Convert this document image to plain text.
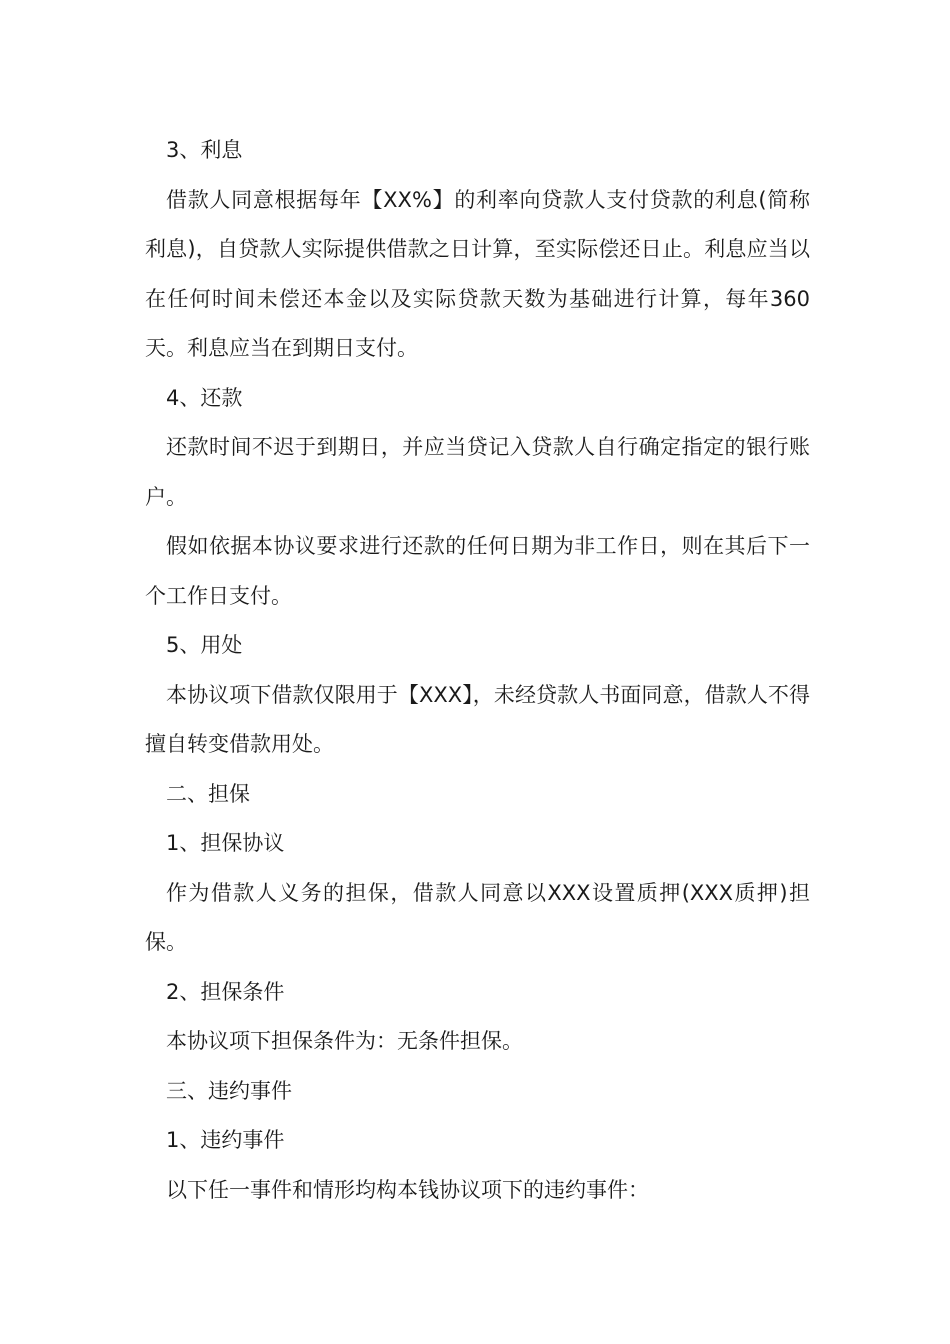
3、利息

借款人同意根据每年【XX%】的利率向贷款人支付贷款的利息(简称利息)，自贷款人实际提供借款之日计算，至实际偿还日止。利息应当以在任何时间未偿还本金以及实际贷款天数为基础进行计算，每年360天。利息应当在到期日支付。

4、还款

还款时间不迟于到期日，并应当贷记入贷款人自行确定指定的银行账户。

假如依据本协议要求进行还款的任何日期为非工作日，则在其后下一个工作日支付。

5、用处

本协议项下借款仅限用于【XXX】，未经贷款人书面同意，借款人不得擅自转变借款用处。

二、担保

1、担保协议

作为借款人义务的担保，借款人同意以XXX设置质押(XXX质押)担保。

2、担保条件

本协议项下担保条件为：无条件担保。

三、违约事件

1、违约事件

以下任一事件和情形均构本钱协议项下的违约事件：
